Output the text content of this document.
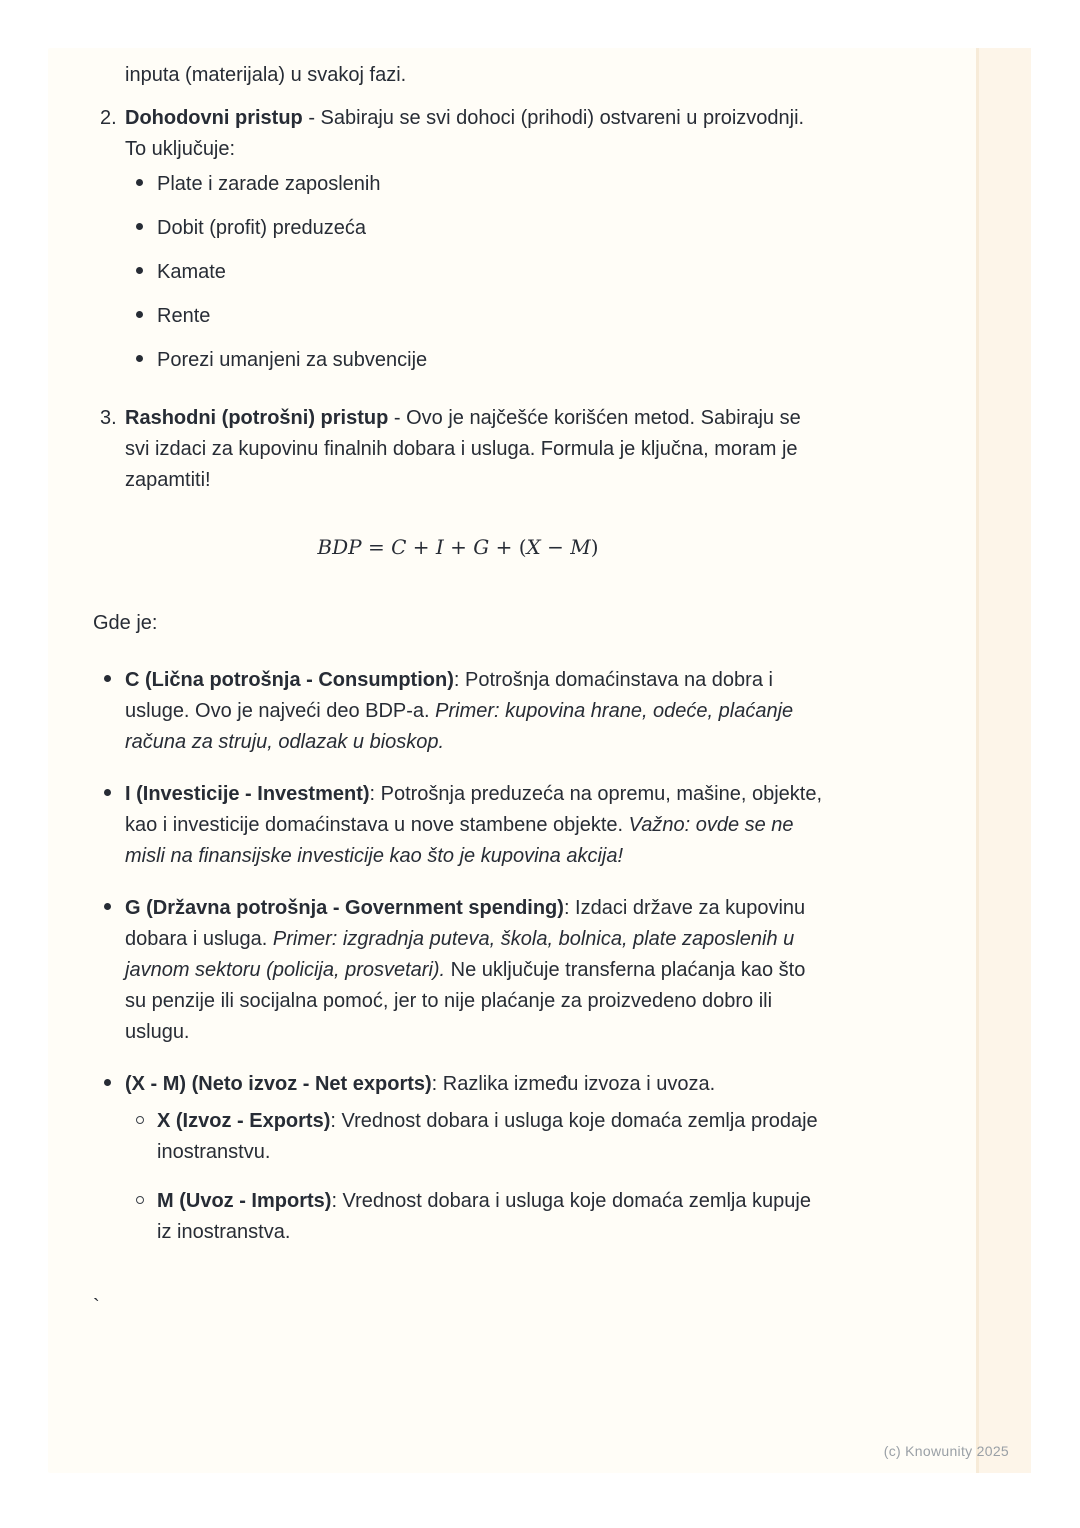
inputa (materijala) u svakoj fazi.

2. Dohodovni pristup - Sabiraju se svi dohoci (prihodi) ostvareni u proizvodnji. To uključuje:

Plate i zarade zaposlenih
Dobit (profit) preduzeća
Kamate
Rente
Porezi umanjeni za subvencije
3. Rashodni (potrošni) pristup - Ovo je najčešće korišćen metod. Sabiraju se svi izdaci za kupovinu finalnih dobara i usluga. Formula je ključna, moram je zapamtiti!

BDP = C + I + G + (X − M)

Gde je:

C (Lična potrošnja - Consumption): Potrošnja domaćinstava na dobra i usluge. Ovo je najveći deo BDP-a. Primer: kupovina hrane, odeće, plaćanje računa za struju, odlazak u bioskop.
I (Investicije - Investment): Potrošnja preduzeća na opremu, mašine, objekte, kao i investicije domaćinstava u nove stambene objekte. Važno: ovde se ne misli na finansijske investicije kao što je kupovina akcija!
G (Državna potrošnja - Government spending): Izdaci države za kupovinu dobara i usluga. Primer: izgradnja puteva, škola, bolnica, plate zaposlenih u javnom sektoru (policija, prosvetari). Ne uključuje transferna plaćanja kao što su penzije ili socijalna pomoć, jer to nije plaćanje za proizvedeno dobro ili uslugu.

(X - M) (Neto izvoz - Net exports): Razlika između izvoza i uvoza.

X (Izvoz - Exports): Vrednost dobara i usluga koje domaća zemlja prodaje inostranstvu.
M (Uvoz - Imports): Vrednost dobara i usluga koje domaća zemlja kupuje iz inostranstva.

`

(c) Knowunity 2025
